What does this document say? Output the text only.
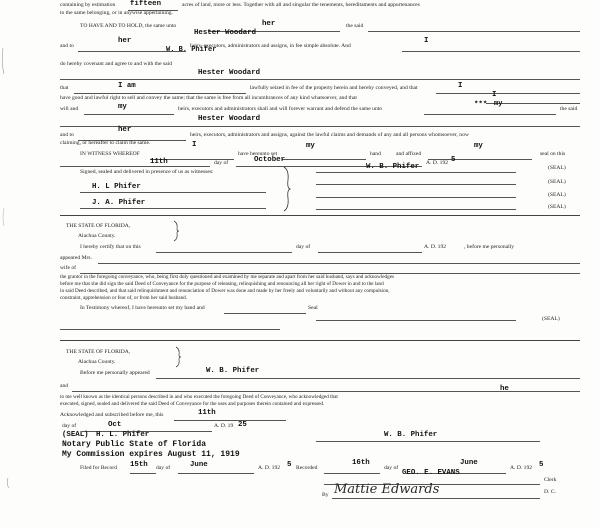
containing by estimation fifteen	acres of land, more or less. Together with all and singular the tenements, hereditaments and appurtenances
to the same belonging, or in anywise appertaining.
TO HAVE AND TO HOLD, the same unto	her	the said
Hester Woodard
and to
her
W. B. Phifer
heirs, executors, administrators and assigns, in fee simple absolute. And
I
do hereby covenant and agree to and with the said
Hester Woodard
that	I am	lawfully seized in fee of the property herein and hereby conveyed, and that	I
have good and lawful right to sell and convey the same; that the same is free from all incumbrances of any kind whatsoever, and that	I
my
will and	my	heirs, executors and administrators shall and will forever warrant and defend the same unto	***	the said
Hester Woodard
and to
her
heirs, executors, administrators and assigns, against the lawful claims and demands of any and all persons whomsoever, now
claiming, or hereafter to claim the same.
IN WITNESS WHEREOF
I
have hereunto set
my
hand	and affixed
my
seal on this
11th	day of	October	A. D. 192 5
Signed, sealed and delivered in presence of us as witnesses:
W. B. Phifer	(SEAL)
(SEAL)
(SEAL)
(SEAL)
H. L Phifer
J. A. Phifer
THE STATE OF FLORIDA,
Alachua County.
I hereby certify that on this	day of	A. D. 192	, before me personally
appeared Mrs.
wife of
the grantor in the foregoing conveyance, who, being first duly questioned and examined by me separate and apart from her said husband, says and acknowledges
before me that she did sign the said Deed of Conveyance for the purpose of releasing, relinquishing and renouncing all her right of Dower in and to the land
in said Deed described, and that said relinquishment and renunciation of Dower was done and made by her freely and voluntarily and without any compulsion,
constraint, apprehension or fear of, or from her said husband.
In Testimony whereof, I have hereunto set my hand and	Seal
(SEAL)
THE STATE OF FLORIDA,
Alachua County.
Before me personally appeared	W. B. Phifer
and
to me well known as the identical persons described in and who executed the foregoing Deed of Conveyance, who acknowledged that
he
executed, signed, sealed and delivered the said Deed of Conveyance for the uses and purposes therein contained and expressed.
Acknowledged and subscribed before me, this	11th
day of	Oct	A. D. 19 25
(SEAL) H. L. Phifer	W. B. Phifer
Notary Public State of Florida
My Commission expires August 11, 1919
Filed for Record 15th day of	June	A. D. 192 5 Recorded
16th
day of
June
A. D. 192 5
GEO. E. EVANS
Clerk
By Mattie Edwards	D. C.
